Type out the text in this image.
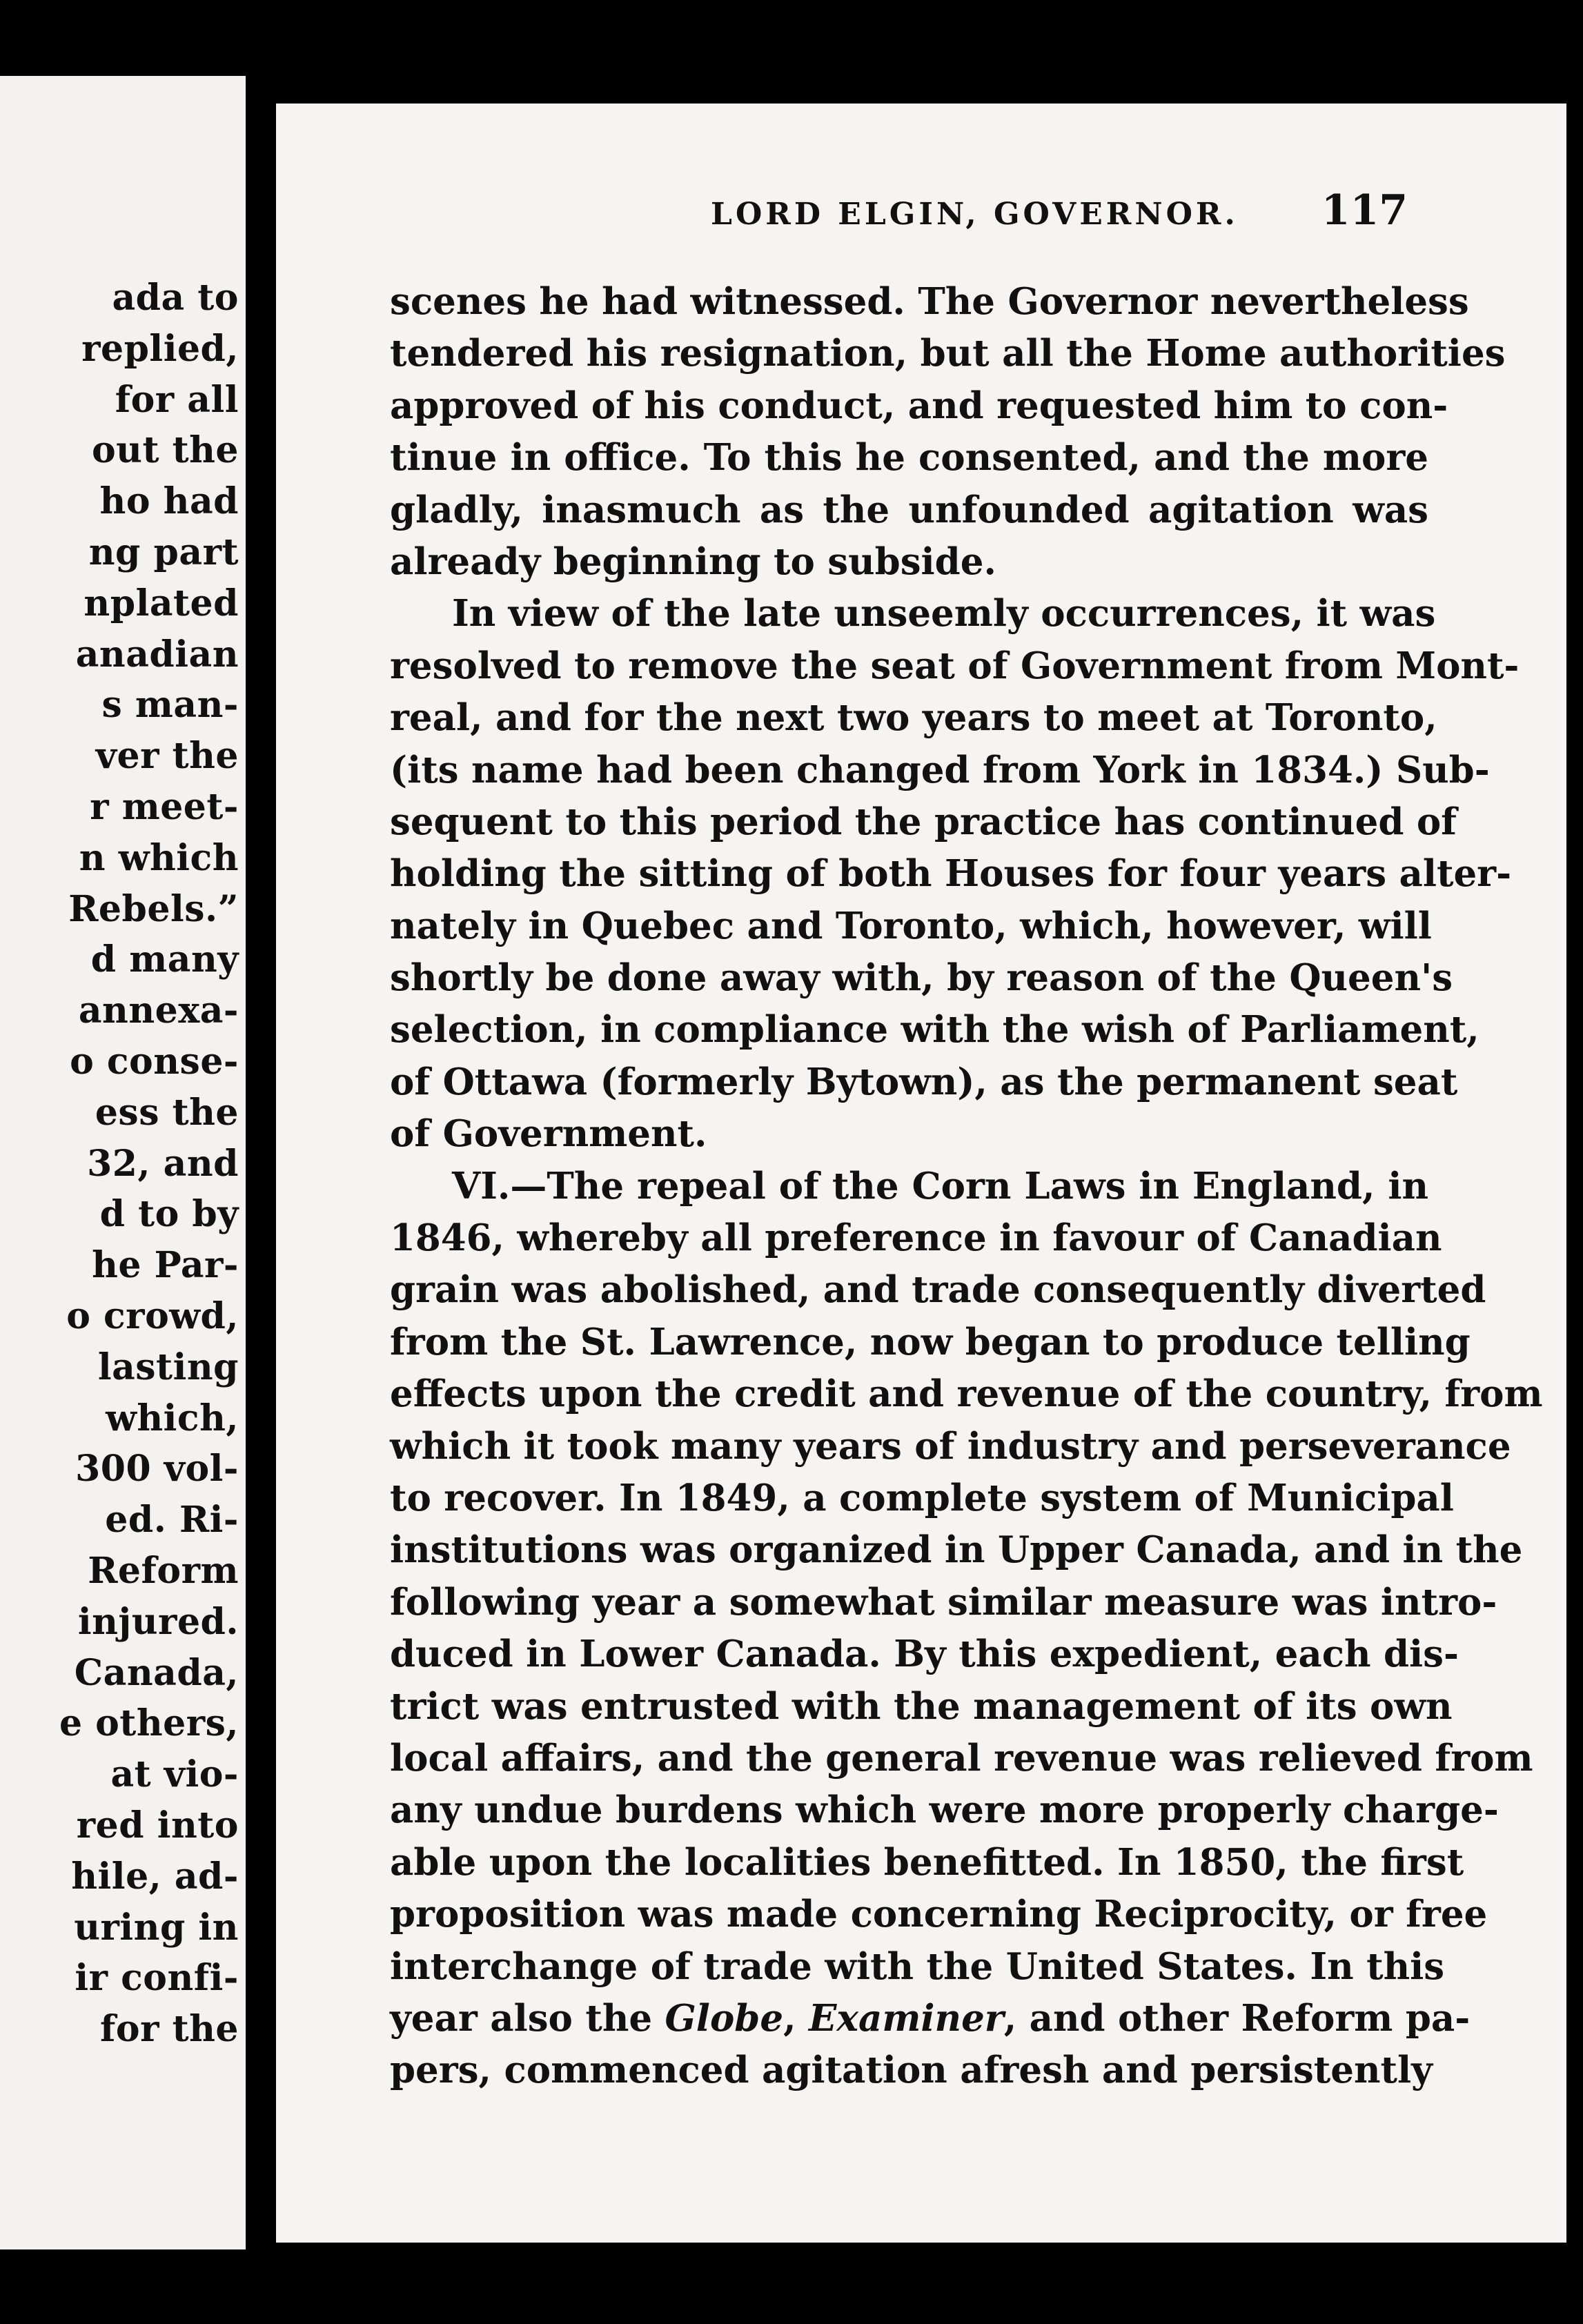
ada to
replied,
for all
out the
ho had
ng part
nplated
anadian
s man-
ver the
r meet-
n which
Rebels.”
d many
annexa-
o conse-
ess the
32, and
d to by
he Par-
o crowd,
lasting
which,
300 vol-
ed. Ri-
Reform
injured.
Canada,
e others,
at vio-
red into
hile, ad-
uring in
ir confi-
for the
LORD ELGIN, GOVERNOR. 117
scenes he had witnessed. The Governor nevertheless
tendered his resignation, but all the Home authorities
approved of his conduct, and requested him to con-
tinue in office. To this he consented, and the more
gladly, inasmuch as the unfounded agitation was
already beginning to subside.
In view of the late unseemly occurrences, it was
resolved to remove the seat of Government from Mont-
real, and for the next two years to meet at Toronto,
(its name had been changed from York in 1834.) Sub-
sequent to this period the practice has continued of
holding the sitting of both Houses for four years alter-
nately in Quebec and Toronto, which, however, will
shortly be done away with, by reason of the Queen's
selection, in compliance with the wish of Parliament,
of Ottawa (formerly Bytown), as the permanent seat
of Government.
VI.—The repeal of the Corn Laws in England, in
1846, whereby all preference in favour of Canadian
grain was abolished, and trade consequently diverted
from the St. Lawrence, now began to produce telling
effects upon the credit and revenue of the country, from
which it took many years of industry and perseverance
to recover. In 1849, a complete system of Municipal
institutions was organized in Upper Canada, and in the
following year a somewhat similar measure was intro-
duced in Lower Canada. By this expedient, each dis-
trict was entrusted with the management of its own
local affairs, and the general revenue was relieved from
any undue burdens which were more properly charge-
able upon the localities benefitted. In 1850, the first
proposition was made concerning Reciprocity, or free
interchange of trade with the United States. In this
year also the Globe, Examiner, and other Reform pa-
pers, commenced agitation afresh and persistently
